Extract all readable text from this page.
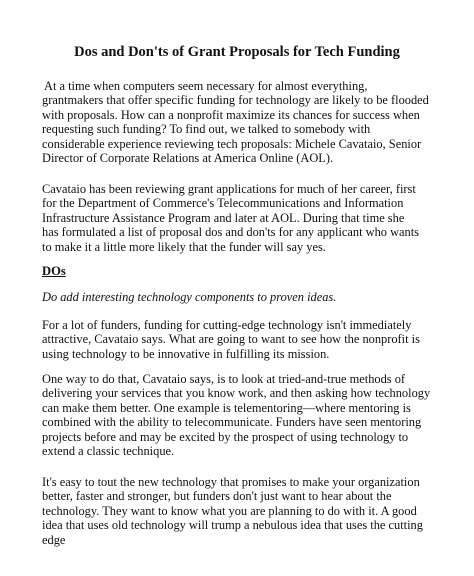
Dos and Don'ts of Grant Proposals for Tech Funding
At a time when computers seem necessary for almost everything,
grantmakers that offer specific funding for technology are likely to be flooded
with proposals. How can a nonprofit maximize its chances for success when
requesting such funding? To find out, we talked to somebody with
considerable experience reviewing tech proposals: Michele Cavataio, Senior
Director of Corporate Relations at America Online (AOL).
Cavataio has been reviewing grant applications for much of her career, first
for the Department of Commerce's Telecommunications and Information
Infrastructure Assistance Program and later at AOL. During that time she
has formulated a list of proposal dos and don'ts for any applicant who wants
to make it a little more likely that the funder will say yes.
DOs
Do add interesting technology components to proven ideas.
For a lot of funders, funding for cutting-edge technology isn't immediately
attractive, Cavataio says. What are going to want to see how the nonprofit is
using technology to be innovative in fulfilling its mission.
One way to do that, Cavataio says, is to look at tried-and-true methods of
delivering your services that you know work, and then asking how technology
can make them better. One example is telementoring—where mentoring is
combined with the ability to telecommunicate. Funders have seen mentoring
projects before and may be excited by the prospect of using technology to
extend a classic technique.
It's easy to tout the new technology that promises to make your organization
better, faster and stronger, but funders don't just want to hear about the
technology. They want to know what you are planning to do with it. A good
idea that uses old technology will trump a nebulous idea that uses the cutting
edge
